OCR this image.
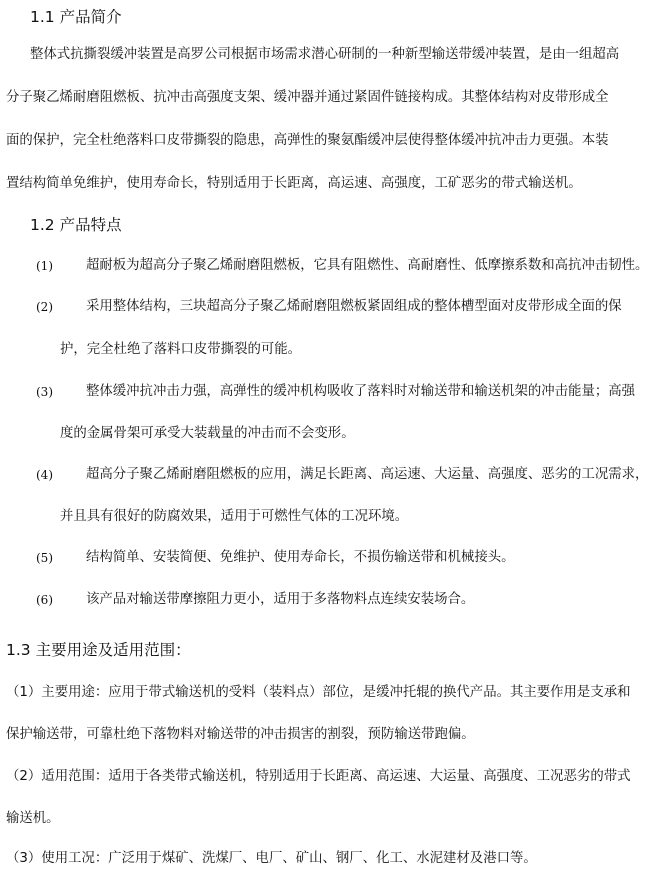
1.1 产品简介
整体式抗撕裂缓冲装置是高罗公司根据市场需求潜心研制的一种新型输送带缓冲装置，是由一组超高
分子聚乙烯耐磨阻燃板、抗冲击高强度支架、缓冲器并通过紧固件链接构成。其整体结构对皮带形成全
面的保护，完全杜绝落料口皮带撕裂的隐患，高弹性的聚氨酯缓冲层使得整体缓冲抗冲击力更强。本装
置结构简单免维护，使用寿命长，特别适用于长距离，高运速、高强度，工矿恶劣的带式输送机。
1.2 产品特点
(1) 超耐板为超高分子聚乙烯耐磨阻燃板，它具有阻燃性、高耐磨性、低摩擦系数和高抗冲击韧性。
(2) 采用整体结构，三块超高分子聚乙烯耐磨阻燃板紧固组成的整体槽型面对皮带形成全面的保
护，完全杜绝了落料口皮带撕裂的可能。
(3) 整体缓冲抗冲击力强，高弹性的缓冲机构吸收了落料时对输送带和输送机架的冲击能量；高强
度的金属骨架可承受大装载量的冲击而不会变形。
(4) 超高分子聚乙烯耐磨阻燃板的应用，满足长距离、高运速、大运量、高强度、恶劣的工况需求，
并且具有很好的防腐效果，适用于可燃性气体的工况环境。
(5) 结构简单、安装简便、免维护、使用寿命长，不损伤输送带和机械接头。
(6) 该产品对输送带摩擦阻力更小，适用于多落物料点连续安装场合。
1.3 主要用途及适用范围：
（1）主要用途：应用于带式输送机的受料（装料点）部位，是缓冲托辊的换代产品。其主要作用是支承和
保护输送带，可靠杜绝下落物料对输送带的冲击损害的割裂，预防输送带跑偏。
（2）适用范围：适用于各类带式输送机，特别适用于长距离、高运速、大运量、高强度、工况恶劣的带式
输送机。
（3）使用工况：广泛用于煤矿、洗煤厂、电厂、矿山、钢厂、化工、水泥建材及港口等。
